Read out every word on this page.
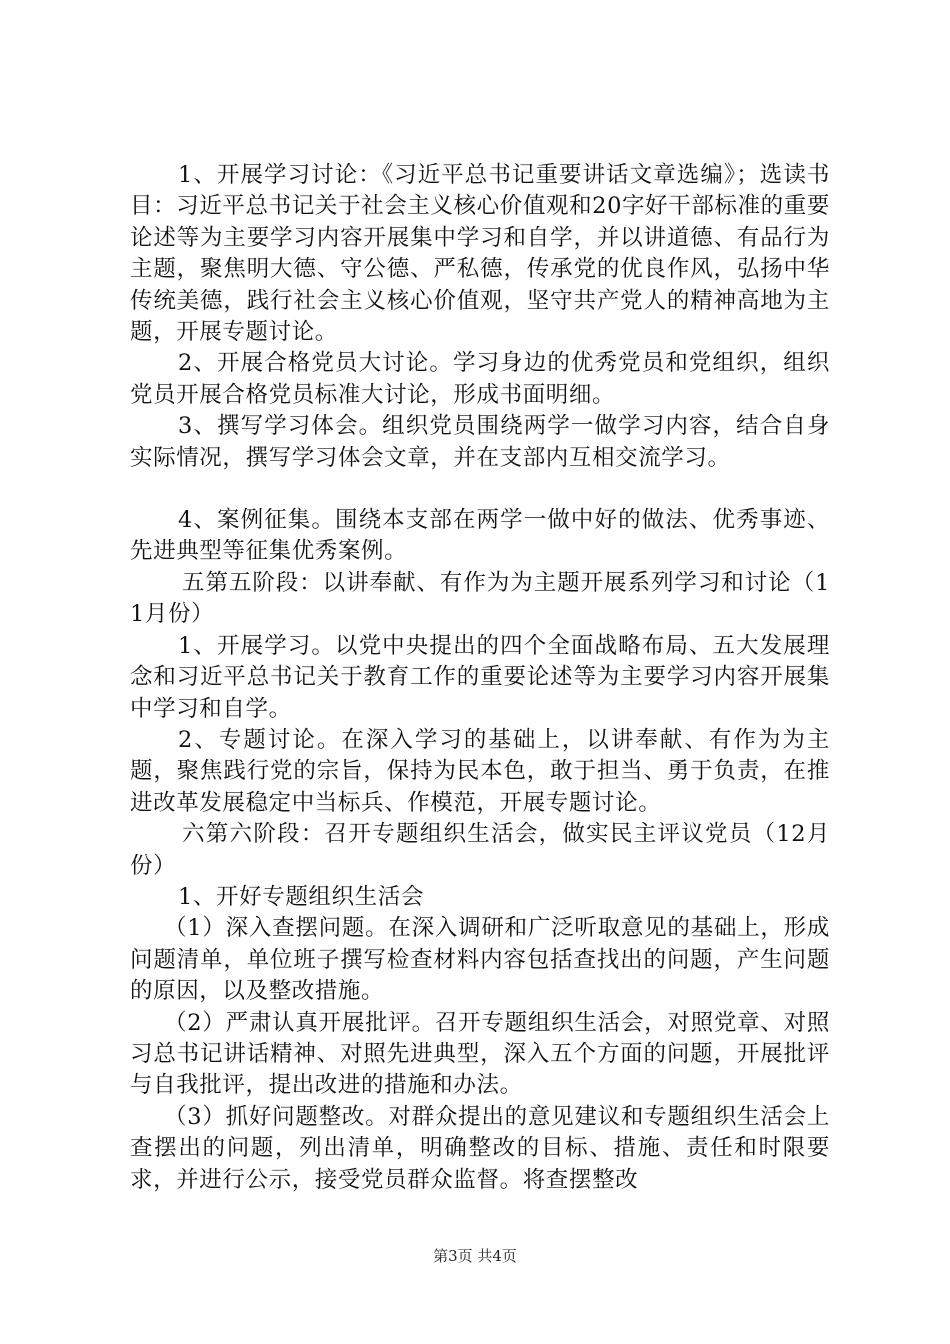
1、开展学习讨论：《习近平总书记重要讲话文章选编》；选读书目：习近平总书记关于社会主义核心价值观和20字好干部标准的重要论述等为主要学习内容开展集中学习和自学，并以讲道德、有品行为主题，聚焦明大德、守公德、严私德，传承党的优良作风，弘扬中华传统美德，践行社会主义核心价值观，坚守共产党人的精神高地为主题，开展专题讨论。

2、开展合格党员大讨论。学习身边的优秀党员和党组织，组织党员开展合格党员标准大讨论，形成书面明细。

3、撰写学习体会。组织党员围绕两学一做学习内容，结合自身实际情况，撰写学习体会文章，并在支部内互相交流学习。

4、案例征集。围绕本支部在两学一做中好的做法、优秀事迹、先进典型等征集优秀案例。

五第五阶段：以讲奉献、有作为为主题开展系列学习和讨论（11月份）

1、开展学习。以党中央提出的四个全面战略布局、五大发展理念和习近平总书记关于教育工作的重要论述等为主要学习内容开展集中学习和自学。

2、专题讨论。在深入学习的基础上，以讲奉献、有作为为主题，聚焦践行党的宗旨，保持为民本色，敢于担当、勇于负责，在推进改革发展稳定中当标兵、作模范，开展专题讨论。

六第六阶段：召开专题组织生活会，做实民主评议党员（12月份）

1、开好专题组织生活会

（1）深入查摆问题。在深入调研和广泛听取意见的基础上，形成问题清单，单位班子撰写检查材料内容包括查找出的问题，产生问题的原因，以及整改措施。

（2）严肃认真开展批评。召开专题组织生活会，对照党章、对照习总书记讲话精神、对照先进典型，深入五个方面的问题，开展批评与自我批评，提出改进的措施和办法。

（3）抓好问题整改。对群众提出的意见建议和专题组织生活会上查摆出的问题，列出清单，明确整改的目标、措施、责任和时限要求，并进行公示，接受党员群众监督。将查摆整改

第3页 共4页
